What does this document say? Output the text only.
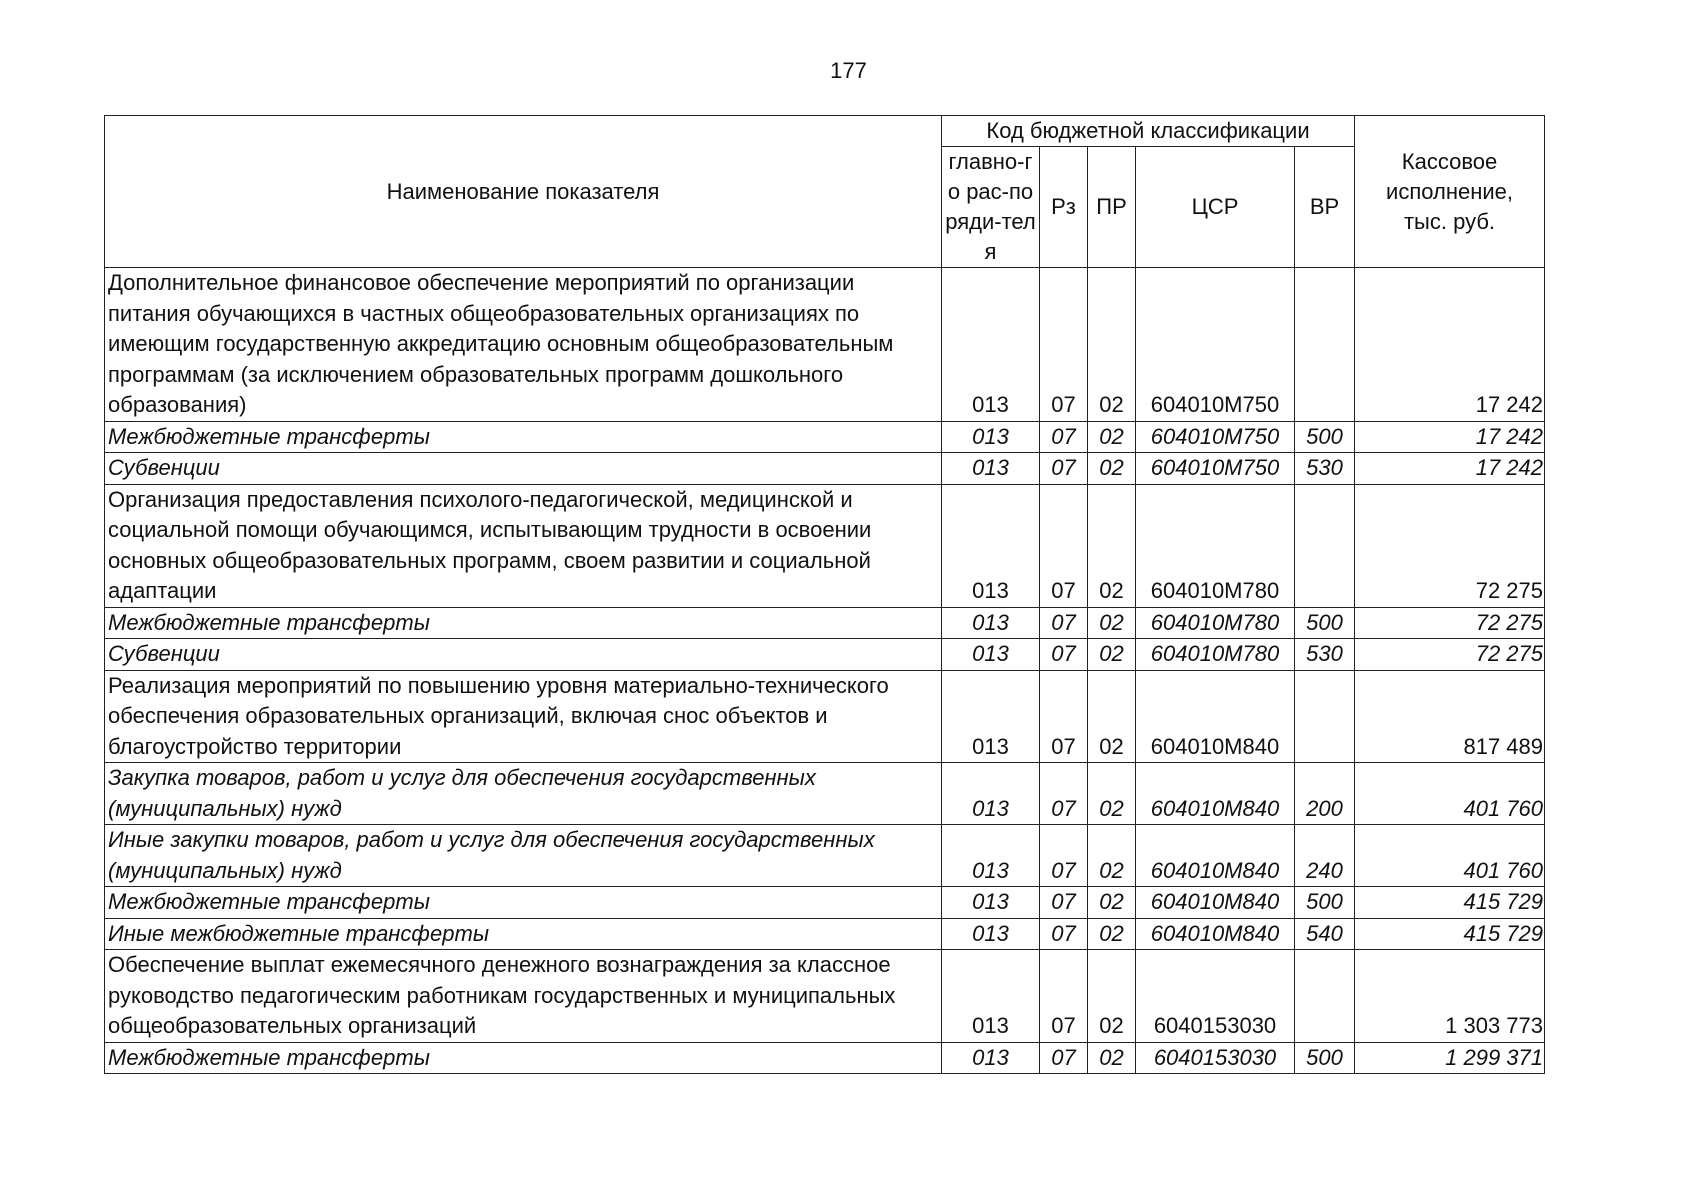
177
Наименование показателя	Код бюджетной классификации					Кассовое исполнение, тыс. руб.
	главно-го рас-поряди-теля	Рз	ПР	ЦСР	ВР	
Дополнительное финансовое обеспечение мероприятий по организации питания обучающихся в частных общеобразовательных организациях по имеющим государственную аккредитацию основным общеобразовательным программам (за исключением образовательных программ дошкольного образования)	013	07	02	604010М750		17 242
Межбюджетные трансферты	013	07	02	604010М750	500	17 242
Субвенции	013	07	02	604010М750	530	17 242
Организация предоставления психолого-педагогической, медицинской и социальной помощи обучающимся, испытывающим трудности в освоении основных общеобразовательных программ, своем развитии и социальной адаптации	013	07	02	604010М780		72 275
Межбюджетные трансферты	013	07	02	604010М780	500	72 275
Субвенции	013	07	02	604010М780	530	72 275
Реализация мероприятий по повышению уровня материально-технического обеспечения образовательных организаций, включая снос объектов и благоустройство территории	013	07	02	604010М840		817 489
Закупка товаров, работ и услуг для обеспечения государственных (муниципальных) нужд	013	07	02	604010М840	200	401 760
Иные закупки товаров, работ и услуг для обеспечения государственных (муниципальных) нужд	013	07	02	604010М840	240	401 760
Межбюджетные трансферты	013	07	02	604010М840	500	415 729
Иные межбюджетные трансферты	013	07	02	604010М840	540	415 729
Обеспечение выплат ежемесячного денежного вознаграждения за классное руководство педагогическим работникам государственных и муниципальных общеобразовательных организаций	013	07	02	6040153030		1 303 773
Межбюджетные трансферты	013	07	02	6040153030	500	1 299 371
